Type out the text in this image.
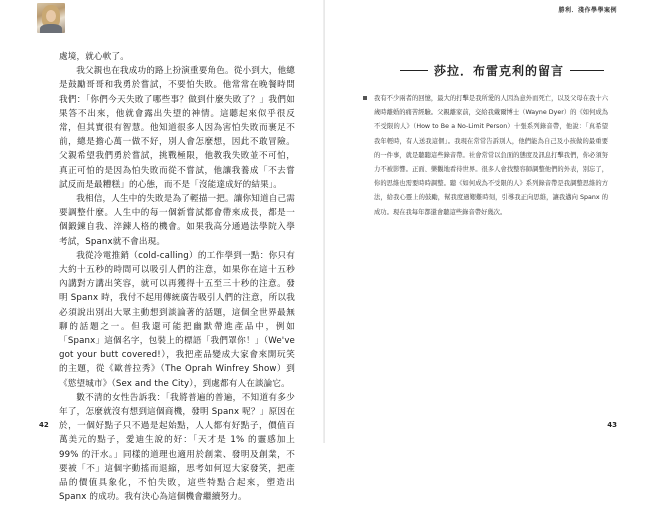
處境，就心軟了。

我父親也在我成功的路上扮演重要角色。從小到大，他總是鼓勵哥哥和我勇於嘗試，不要怕失敗。他常常在晚餐時問我們：「你們今天失敗了哪些事？做到什麼失敗了？」我們如果答不出來，他就會露出失望的神情。這聽起來似乎很反常，但其實很有智慧。他知道很多人因為害怕失敗而裹足不前，總是擔心萬一做不好，別人會怎麼想，因此不敢冒險。父親希望我們勇於嘗試，挑戰極限，他教我失敗並不可怕，真正可怕的是因為怕失敗而從不嘗試，他讓我養成「不去嘗試反而是最糟糕」的心態，而不是「沒能達成好的結果」。

我相信，人生中的失敗是為了輕描一把。讓你知道自己需要調整什麼。人生中的每一個新嘗試都會帶來成長，都是一個鍛鍊自我、淬鍊人格的機會。如果我高分通過法學院入學考試，Spanx就不會出現。

我從冷電推銷（cold-calling）的工作學到一點：你只有大約十五秒的時間可以吸引人們的注意，如果你在這十五秒內講對方講出笑容，就可以再獲得十五至三十秒的注意。發明 Spanx 時，我付不起用傳統廣告吸引人們的注意，所以我必須說出別出大眾主動想到談論著的話題，這個全世界最無聊的話題之一。但我還可能把幽默帶進產品中，例如「Spanx」這個名字，包裝上的標語「我們罩你！」（We've got your butt covered!），我把產品變成大家會來開玩笑的主題，從《歐普拉秀》（The Oprah Winfrey Show）到《慾望城市》（Sex and the City），到處都有人在談論它。

數不清的女性告訴我：「我將普遍的普遍，不知道有多少年了，怎麼就沒有想到這個商機，發明 Spanx 呢？」原因在於，一個好點子只不過是起始點，人人都有好點子，價值百萬美元的點子，愛迪生說的好：「天才是 1% 的靈感加上 99% 的汗水。」同樣的道理也適用於創業、發明及創業，不要被「不」這個字動搖而退縮，思考如何逗大家發笑，把產品的價值具象化，不怕失敗，這些特點合起來，塑造出 Spanx 的成功。我有決心為這個機會繼續努力。

42
勝利．淺作學學案例
莎拉．布雷克利的留言
43
我有不少兩者的回憶，最大的打擊是我所愛的人因為意外而死亡，以及父母在我十六歲時離婚的痛苦經驗。父親離家前，交給我戴爾博士（Wayne Dyer）的《如何成為不受限的人》（How to Be a No-Limit Person）十張系列錄音帶，他說：「真希望我年輕時，有人送我這個」。我現在常常告訴別人，他們能為自己及小孩做的最重要的一件事，就是聽聽這些錄音帶。社會常常以負面的態度及訊息打擊我們，你必須努力不被影響。正面、樂觀地看待世界。很多人會找整容師調整他們的外表，別忘了，你的思維也需要時時調整。聽《如何成為不受限的人》系列錄音帶是我調整思維的方法，給我心靈上的鼓勵，幫我度過艱難時刻，引導我正向思維，讓我邁向 Spanx 的成功。現在我每年都還會聽這些錄音帶好幾次。
